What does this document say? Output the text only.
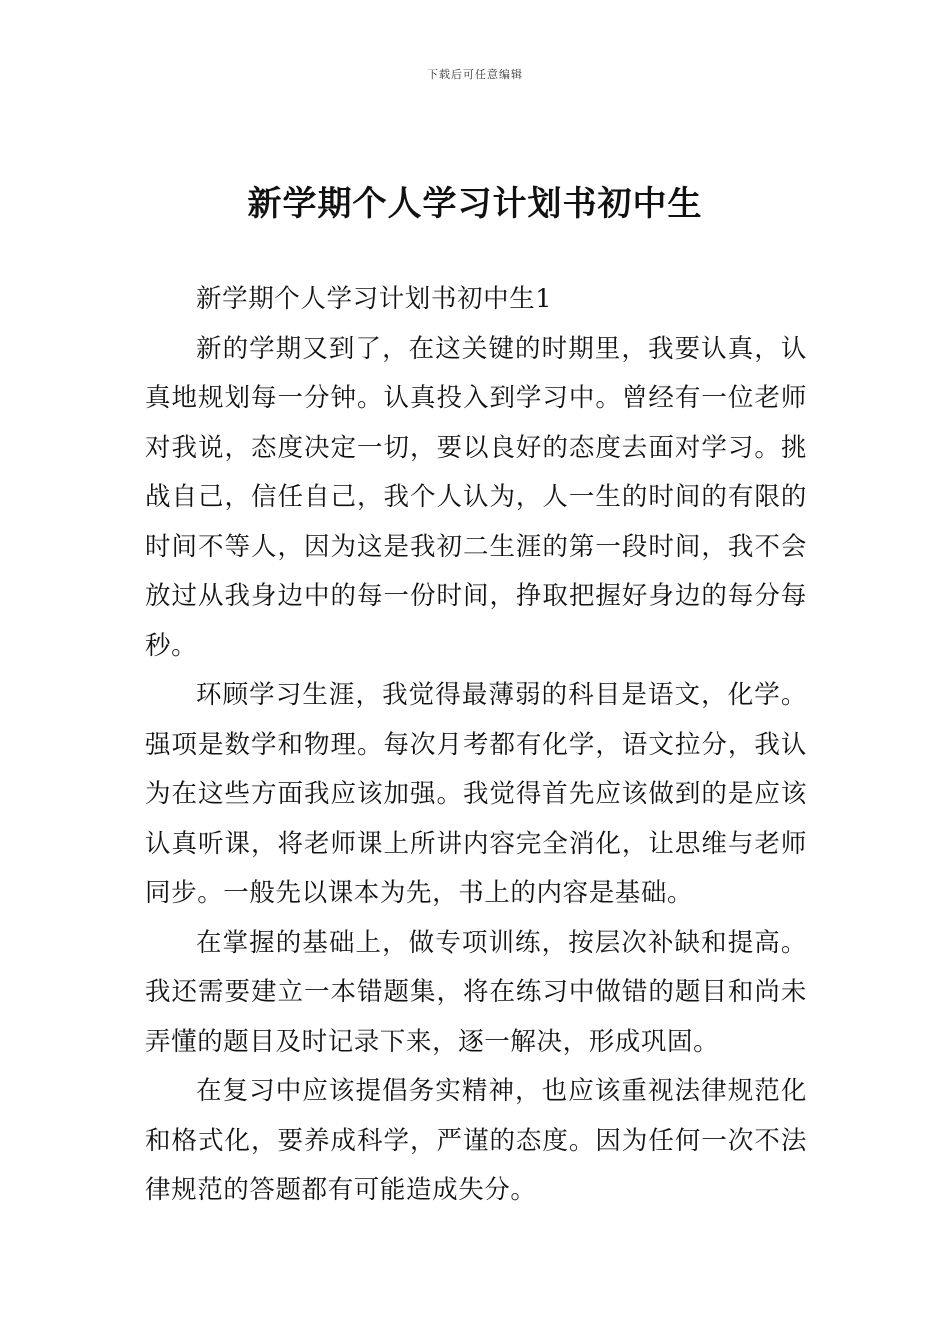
下载后可任意编辑
新学期个人学习计划书初中生

新学期个人学习计划书初中生1

新的学期又到了，在这关键的时期里，我要认真，认真地规划每一分钟。认真投入到学习中。曾经有一位老师对我说，态度决定一切，要以良好的态度去面对学习。挑战自己，信任自己，我个人认为，人一生的时间的有限的时间不等人，因为这是我初二生涯的第一段时间，我不会放过从我身边中的每一份时间，挣取把握好身边的每分每秒。

环顾学习生涯，我觉得最薄弱的科目是语文，化学。强项是数学和物理。每次月考都有化学，语文拉分，我认为在这些方面我应该加强。我觉得首先应该做到的是应该认真听课，将老师课上所讲内容完全消化，让思维与老师同步。一般先以课本为先，书上的内容是基础。

在掌握的基础上，做专项训练，按层次补缺和提高。我还需要建立一本错题集，将在练习中做错的题目和尚未弄懂的题目及时记录下来，逐一解决，形成巩固。

在复习中应该提倡务实精神，也应该重视法律规范化和格式化，要养成科学，严谨的态度。因为任何一次不法律规范的答题都有可能造成失分。
